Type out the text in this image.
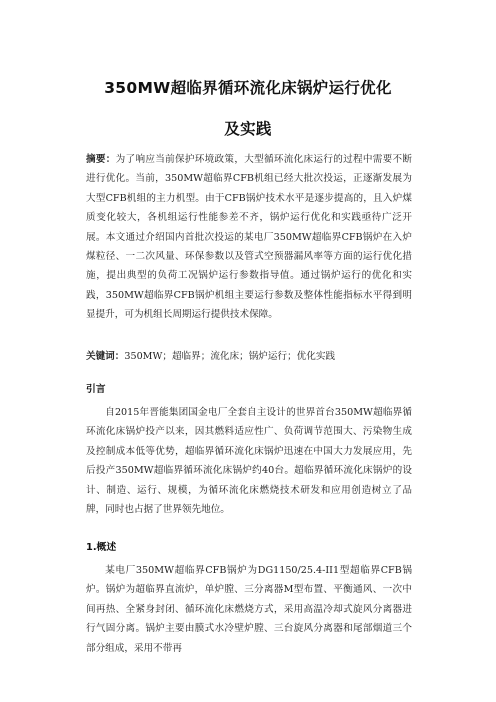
350MW超临界循环流化床锅炉运行优化
及实践

摘要：为了响应当前保护环境政策，大型循环流化床运行的过程中需要不断进行优化。当前，350MW超临界CFB机组已经大批次投运，正逐渐发展为大型CFB机组的主力机型。由于CFB锅炉技术水平是逐步提高的，且入炉煤质变化较大，各机组运行性能参差不齐，锅炉运行优化和实践亟待广泛开展。本文通过介绍国内首批次投运的某电厂350MW超临界CFB锅炉在入炉煤粒径、一二次风量、环保参数以及管式空预器漏风率等方面的运行优化措施，提出典型的负荷工况锅炉运行参数指导值。通过锅炉运行的优化和实践，350MW超临界CFB锅炉机组主要运行参数及整体性能指标水平得到明显提升，可为机组长周期运行提供技术保障。

关键词：350MW；超临界；流化床；锅炉运行；优化实践

引言

自2015年晋能集团国金电厂全套自主设计的世界首台350MW超临界循环流化床锅炉投产以来，因其燃料适应性广、负荷调节范围大、污染物生成及控制成本低等优势，超临界循环流化床锅炉迅速在中国大力发展应用，先后投产350MW超临界循环流化床锅炉约40台。超临界循环流化床锅炉的设计、制造、运行、规模，为循环流化床燃烧技术研发和应用创造树立了品牌，同时也占据了世界领先地位。

1.概述

某电厂350MW超临界CFB锅炉为DG1150/25.4-II1型超临界CFB锅炉。锅炉为超临界直流炉，单炉膛、三分离器M型布置、平衡通风、一次中间再热、全紧身封闭、循环流化床燃烧方式，采用高温冷却式旋风分离器进行气固分离。锅炉主要由膜式水冷壁炉膛、三台旋风分离器和尾部烟道三个部分组成，采用不带再
